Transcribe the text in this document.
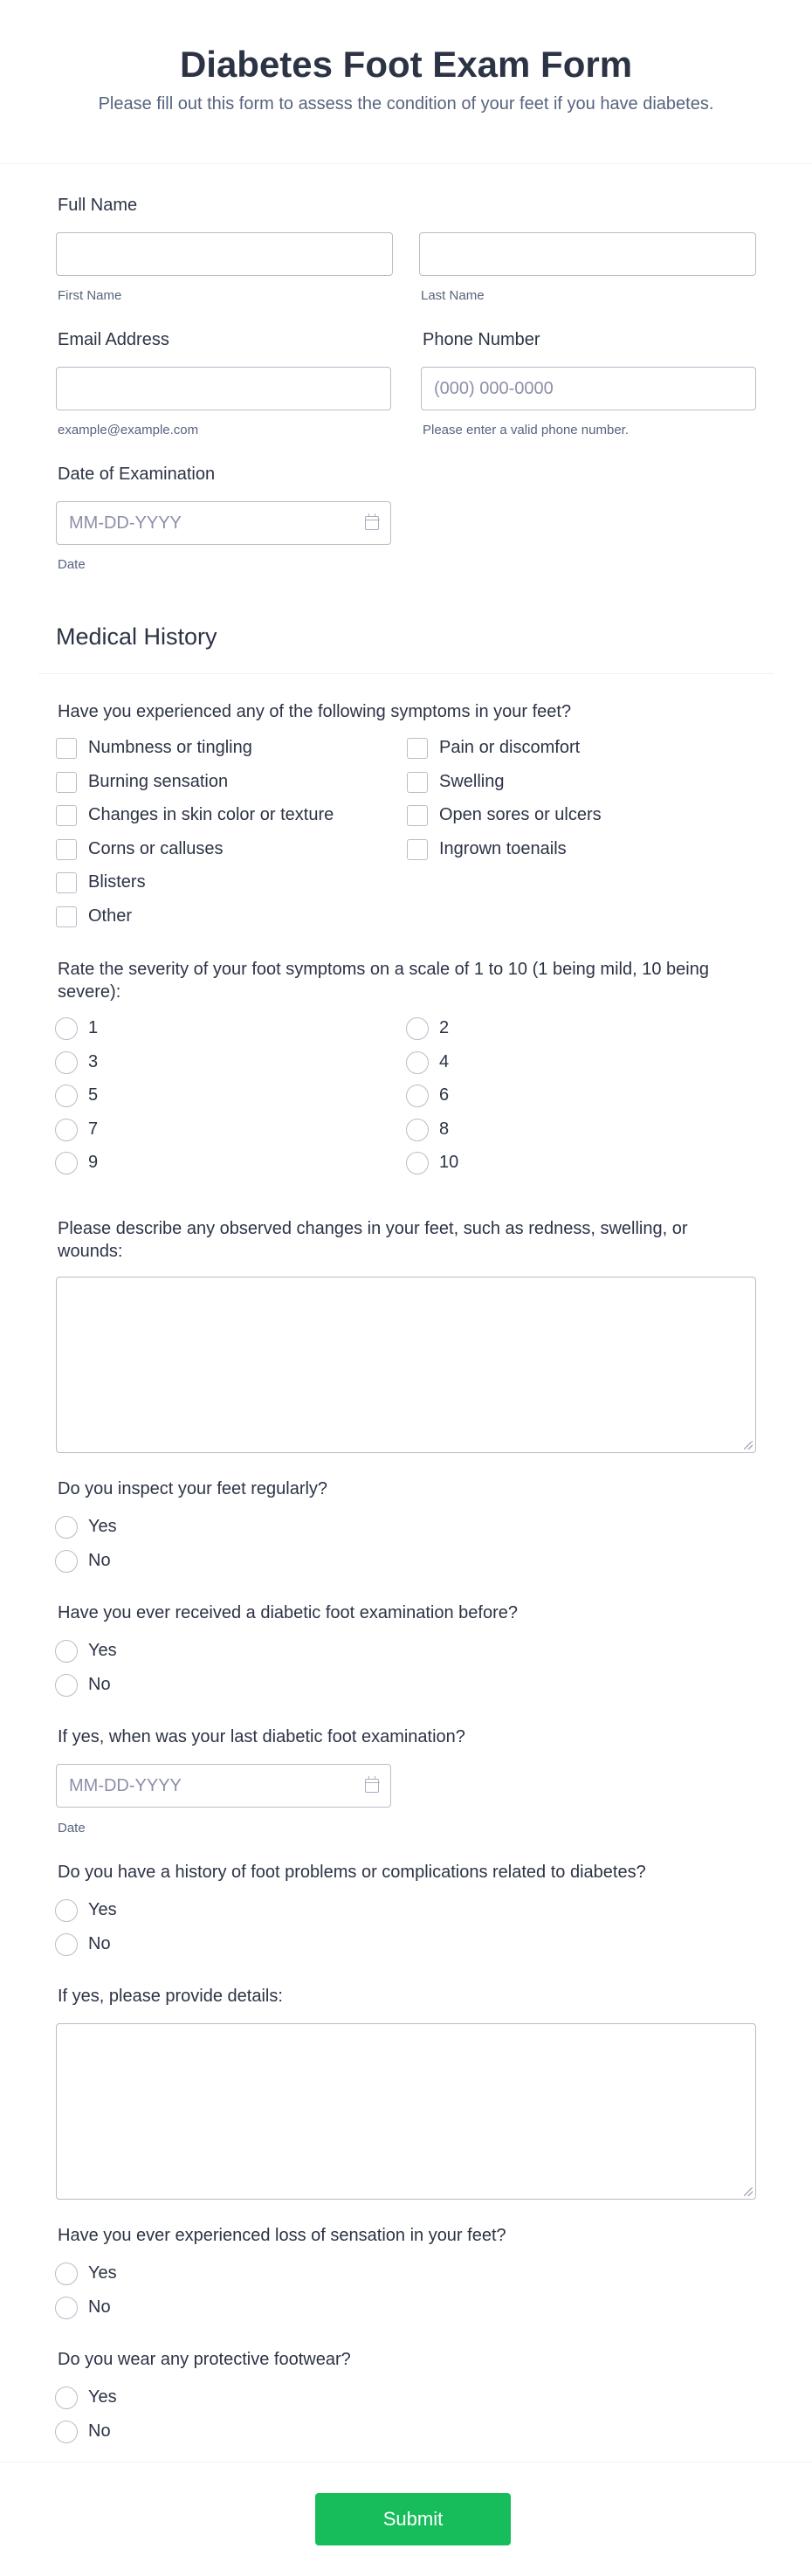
Diabetes Foot Exam Form
Please fill out this form to assess the condition of your feet if you have diabetes.
Full Name
First Name	Last Name
Email Address	Phone Number
(000) 000-0000
example@example.com	Please enter a valid phone number.
Date of Examination
MM-DD-YYYY
Date
Medical History
Have you experienced any of the following symptoms in your feet?
Numbness or tingling	Pain or discomfort
Burning sensation	Swelling
Changes in skin color or texture	Open sores or ulcers
Corns or calluses	Ingrown toenails
Blisters
Other
Rate the severity of your foot symptoms on a scale of 1 to 10 (1 being mild, 10 being severe):
1	2
3	4
5	6
7	8
9	10
Please describe any observed changes in your feet, such as redness, swelling, or wounds:
Do you inspect your feet regularly?
Yes
No
Have you ever received a diabetic foot examination before?
Yes
No
If yes, when was your last diabetic foot examination?
MM-DD-YYYY
Date
Do you have a history of foot problems or complications related to diabetes?
Yes
No
If yes, please provide details:
Have you ever experienced loss of sensation in your feet?
Yes
No
Do you wear any protective footwear?
Yes
No
Submit
